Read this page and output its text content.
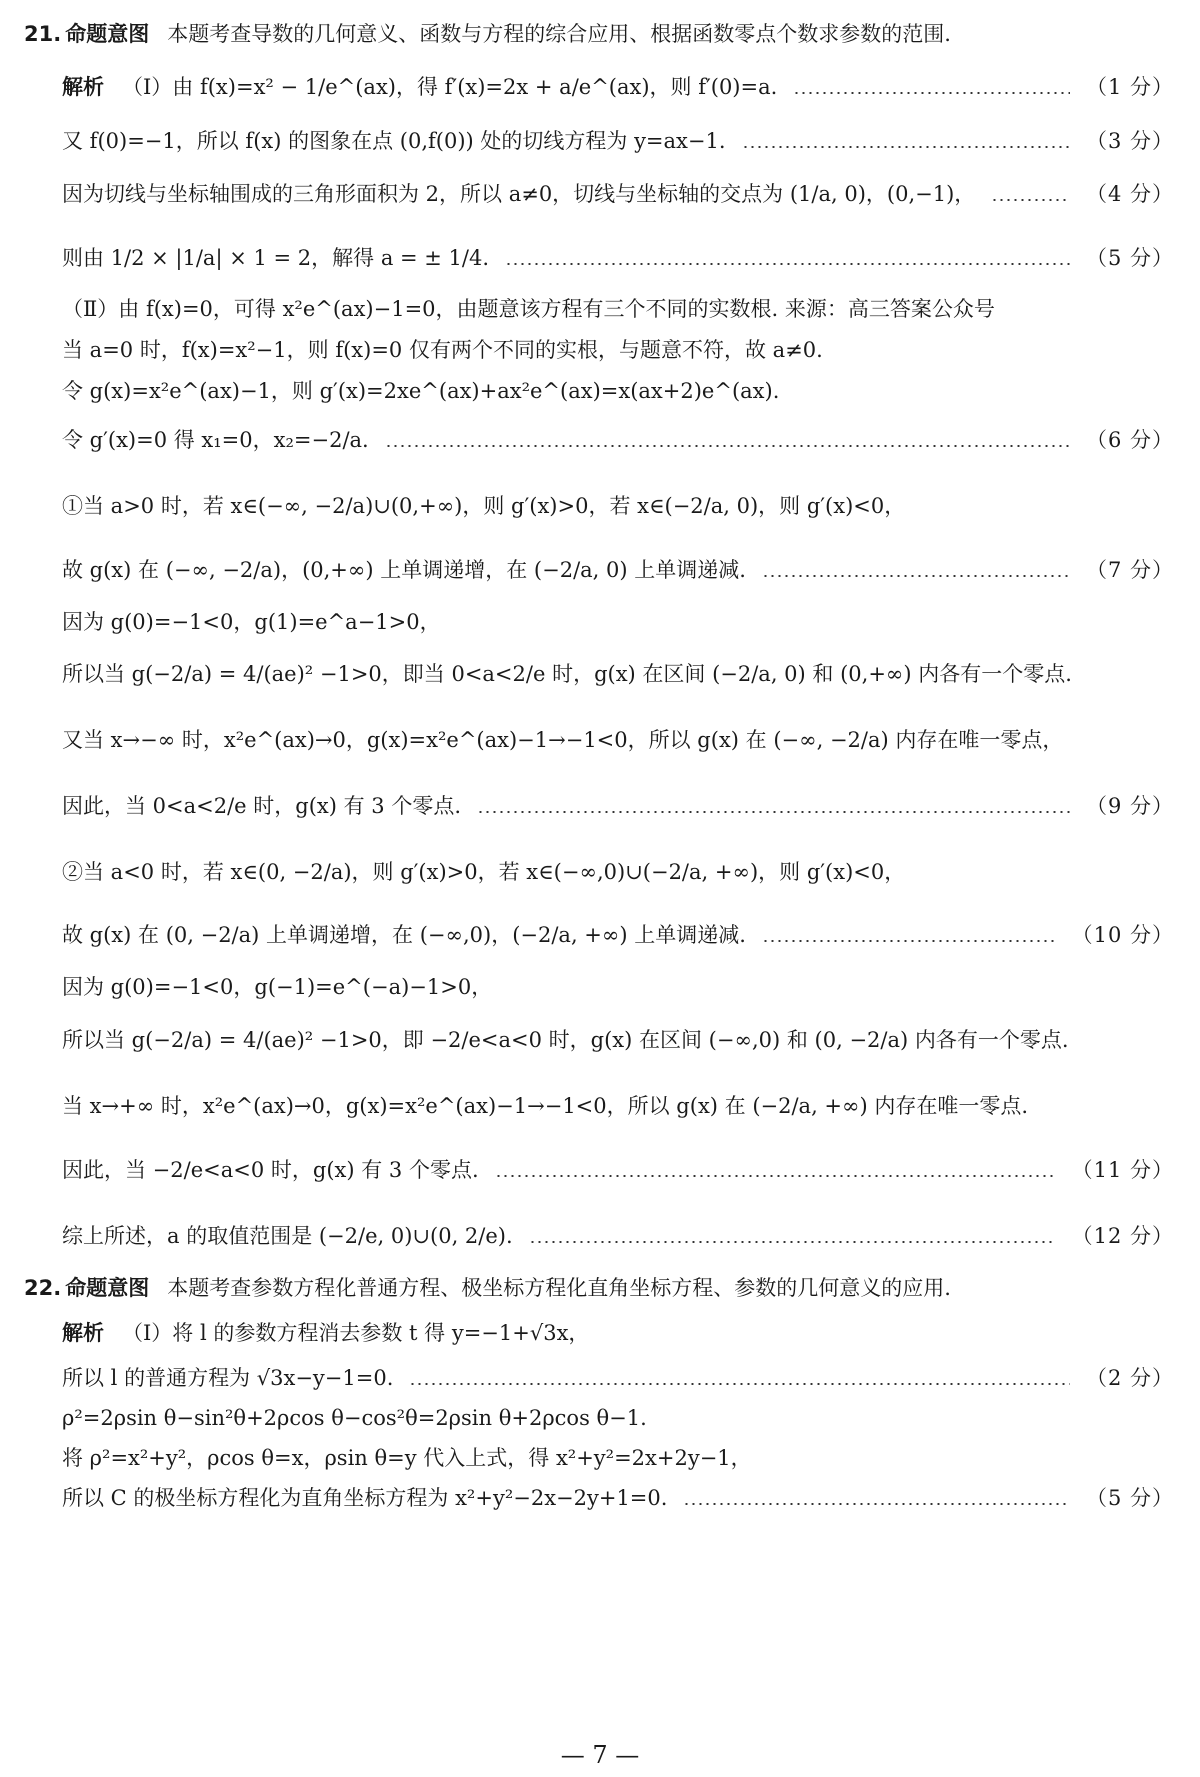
21. 命题意图 本题考查导数的几何意义、函数与方程的综合应用、根据函数零点个数求参数的范围.
解析 （Ⅰ）由 f(x)=x² − 1/e^(ax)，得 f′(x)=2x + a/e^(ax)，则 f′(0)=a.	（1 分）
又 f(0)=−1，所以 f(x) 的图象在点 (0,f(0)) 处的切线方程为 y=ax−1.	（3 分）
因为切线与坐标轴围成的三角形面积为 2，所以 a≠0，切线与坐标轴的交点为 (1/a, 0)，(0,−1)，	（4 分）
则由 1/2 × |1/a| × 1 = 2，解得 a = ± 1/4.	（5 分）
（Ⅱ）由 f(x)=0，可得 x²e^(ax)−1=0，由题意该方程有三个不同的实数根. 来源：高三答案公众号
当 a=0 时，f(x)=x²−1，则 f(x)=0 仅有两个不同的实根，与题意不符，故 a≠0.
令 g(x)=x²e^(ax)−1，则 g′(x)=2xe^(ax)+ax²e^(ax)=x(ax+2)e^(ax).
令 g′(x)=0 得 x₁=0，x₂=−2/a.	（6 分）
①当 a>0 时，若 x∈(−∞, −2/a)∪(0,+∞)，则 g′(x)>0，若 x∈(−2/a, 0)，则 g′(x)<0，
故 g(x) 在 (−∞, −2/a)，(0,+∞) 上单调递增，在 (−2/a, 0) 上单调递减.	（7 分）
因为 g(0)=−1<0，g(1)=e^a−1>0，
所以当 g(−2/a) = 4/(ae)² −1>0，即当 0<a<2/e 时，g(x) 在区间 (−2/a, 0) 和 (0,+∞) 内各有一个零点.
又当 x→−∞ 时，x²e^(ax)→0，g(x)=x²e^(ax)−1→−1<0，所以 g(x) 在 (−∞, −2/a) 内存在唯一零点，
因此，当 0<a<2/e 时，g(x) 有 3 个零点.	（9 分）
②当 a<0 时，若 x∈(0, −2/a)，则 g′(x)>0，若 x∈(−∞,0)∪(−2/a, +∞)，则 g′(x)<0，
故 g(x) 在 (0, −2/a) 上单调递增，在 (−∞,0)，(−2/a, +∞) 上单调递减.	（10 分）
因为 g(0)=−1<0，g(−1)=e^(−a)−1>0，
所以当 g(−2/a) = 4/(ae)² −1>0，即 −2/e<a<0 时，g(x) 在区间 (−∞,0) 和 (0, −2/a) 内各有一个零点.
当 x→+∞ 时，x²e^(ax)→0，g(x)=x²e^(ax)−1→−1<0，所以 g(x) 在 (−2/a, +∞) 内存在唯一零点.
因此，当 −2/e<a<0 时，g(x) 有 3 个零点.	（11 分）
综上所述，a 的取值范围是 (−2/e, 0)∪(0, 2/e).	（12 分）
22. 命题意图 本题考查参数方程化普通方程、极坐标方程化直角坐标方程、参数的几何意义的应用.
解析 （Ⅰ）将 l 的参数方程消去参数 t 得 y=−1+√3x，
所以 l 的普通方程为 √3x−y−1=0.	（2 分）
ρ²=2ρsin θ−sin²θ+2ρcos θ−cos²θ=2ρsin θ+2ρcos θ−1.
将 ρ²=x²+y²，ρcos θ=x，ρsin θ=y 代入上式，得 x²+y²=2x+2y−1，
所以 C 的极坐标方程化为直角坐标方程为 x²+y²−2x−2y+1=0.	（5 分）
— 7 —
